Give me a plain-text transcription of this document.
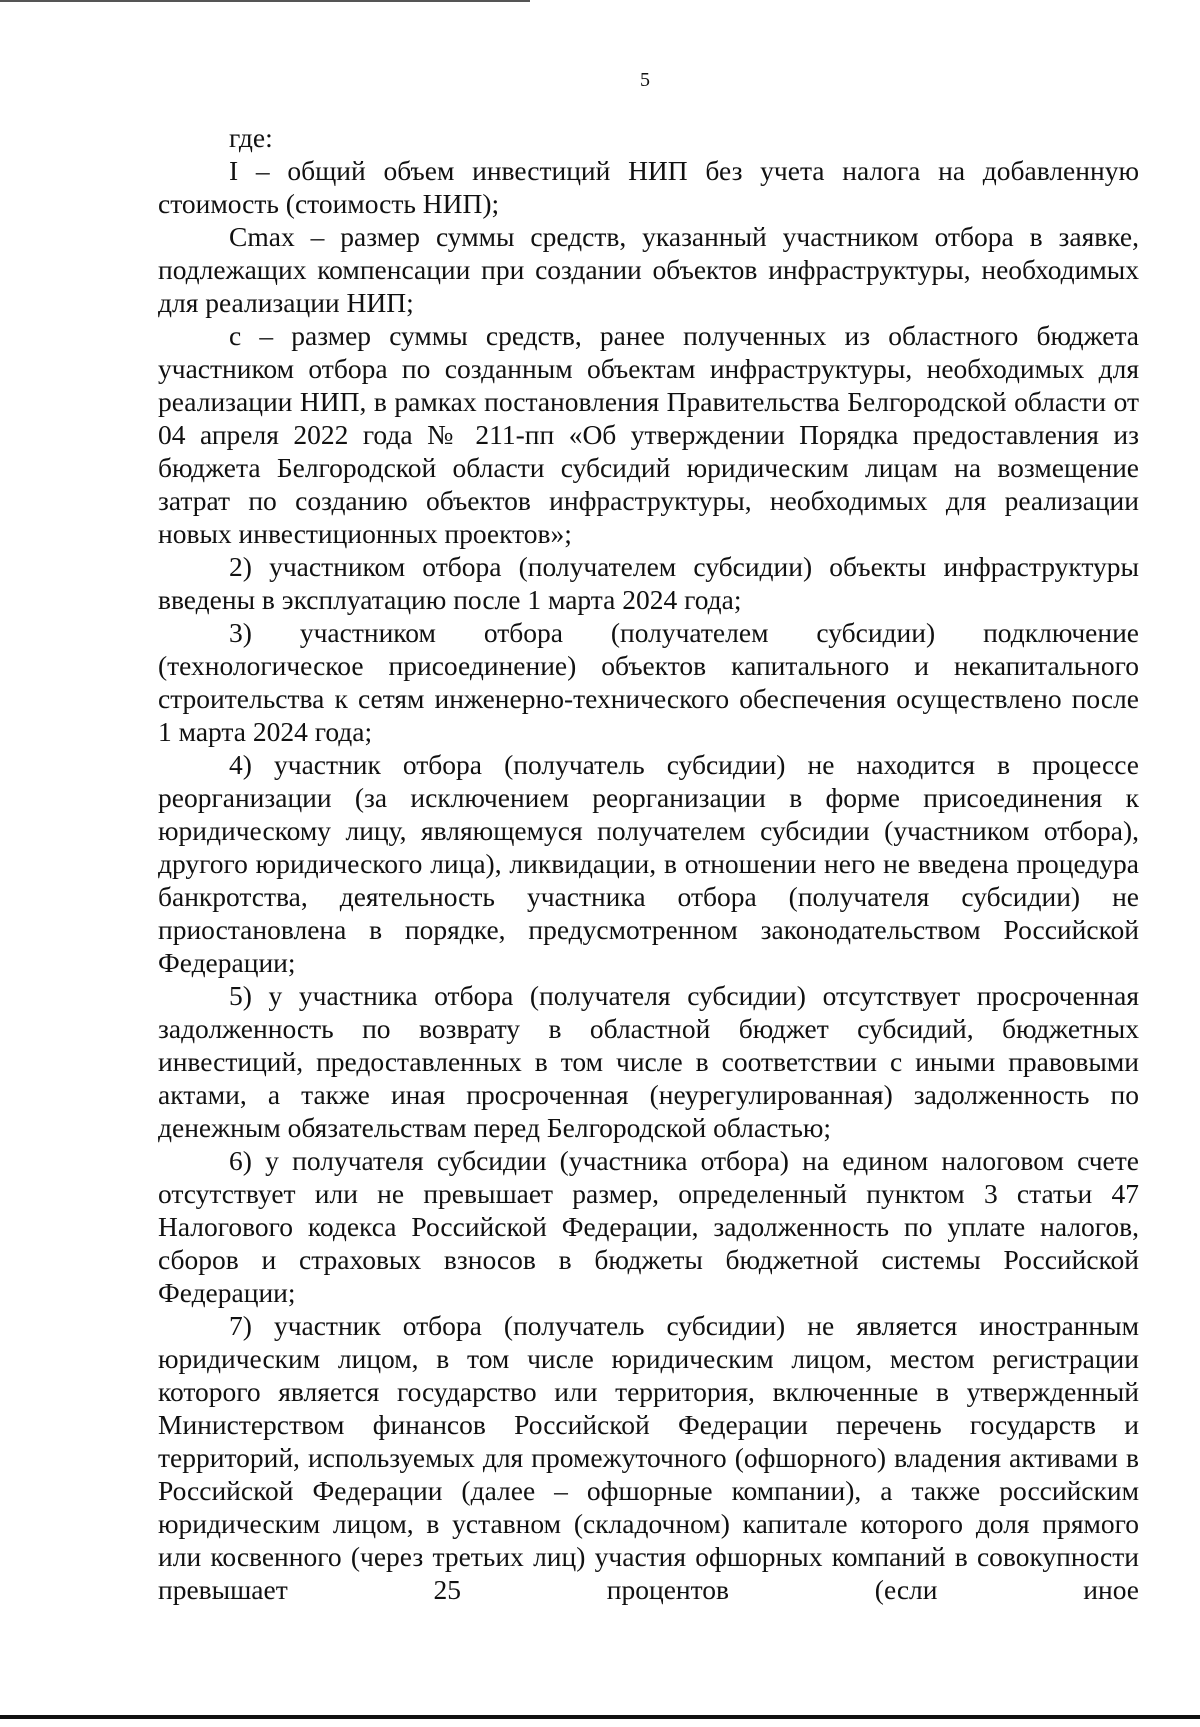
5

где:

I – общий объем инвестиций НИП без учета налога на добавленную стоимость (стоимость НИП);

Cmax – размер суммы средств, указанный участником отбора в заявке, подлежащих компенсации при создании объектов инфраструктуры, необходимых для реализации НИП;

c – размер суммы средств, ранее полученных из областного бюджета участником отбора по созданным объектам инфраструктуры, необходимых для реализации НИП, в рамках постановления Правительства Белгородской области от 04 апреля 2022 года № 211-пп «Об утверждении Порядка предоставления из бюджета Белгородской области субсидий юридическим лицам на возмещение затрат по созданию объектов инфраструктуры, необходимых для реализации новых инвестиционных проектов»;

2) участником отбора (получателем субсидии) объекты инфраструктуры введены в эксплуатацию после 1 марта 2024 года;

3) участником отбора (получателем субсидии) подключение (технологическое присоединение) объектов капитального и некапитального строительства к сетям инженерно-технического обеспечения осуществлено после 1 марта 2024 года;

4) участник отбора (получатель субсидии) не находится в процессе реорганизации (за исключением реорганизации в форме присоединения к юридическому лицу, являющемуся получателем субсидии (участником отбора), другого юридического лица), ликвидации, в отношении него не введена процедура банкротства, деятельность участника отбора (получателя субсидии) не приостановлена в порядке, предусмотренном законодательством Российской Федерации;

5) у участника отбора (получателя субсидии) отсутствует просроченная задолженность по возврату в областной бюджет субсидий, бюджетных инвестиций, предоставленных в том числе в соответствии с иными правовыми актами, а также иная просроченная (неурегулированная) задолженность по денежным обязательствам перед Белгородской областью;

6) у получателя субсидии (участника отбора) на едином налоговом счете отсутствует или не превышает размер, определенный пунктом 3 статьи 47 Налогового кодекса Российской Федерации, задолженность по уплате налогов, сборов и страховых взносов в бюджеты бюджетной системы Российской Федерации;

7) участник отбора (получатель субсидии) не является иностранным юридическим лицом, в том числе юридическим лицом, местом регистрации которого является государство или территория, включенные в утвержденный Министерством финансов Российской Федерации перечень государств и территорий, используемых для промежуточного (офшорного) владения активами в Российской Федерации (далее – офшорные компании), а также российским юридическим лицом, в уставном (складочном) капитале которого доля прямого или косвенного (через третьих лиц) участия офшорных компаний в совокупности превышает 25 процентов (если иное
